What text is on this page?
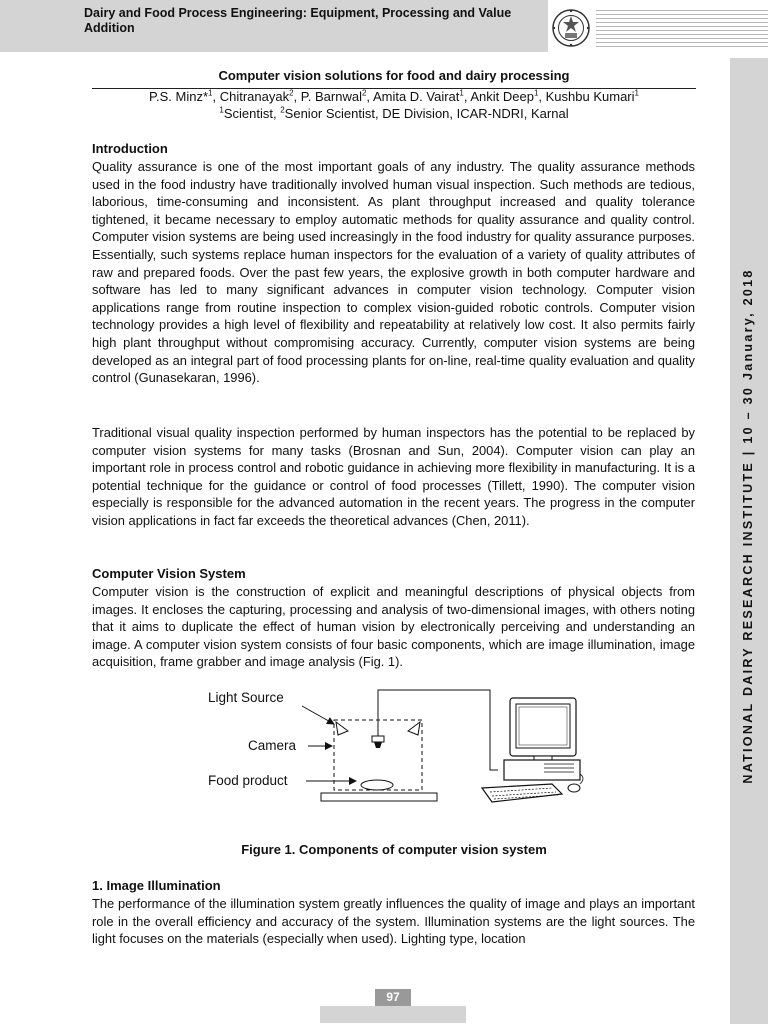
Dairy and Food Process Engineering: Equipment, Processing and Value Addition
NATIONAL DAIRY RESEARCH INSTITUTE | 10 – 30 January, 2018
Computer vision solutions for food and dairy processing
P.S. Minz*$^1$, Chitranayak$^2$, P. Barnwal$^2$, Amita D. Vairat$^1$, Ankit Deep$^1$, Kushbu Kumari$^1$
$^1$Scientist, $^2$Senior Scientist, DE Division, ICAR-NDRI, Karnal
Introduction

Quality assurance is one of the most important goals of any industry. The quality assurance methods used in the food industry have traditionally involved human visual inspection. Such methods are tedious, laborious, time-consuming and inconsistent. As plant throughput increased and quality tolerance tightened, it became necessary to employ automatic methods for quality assurance and quality control. Computer vision systems are being used increasingly in the food industry for quality assurance purposes. Essentially, such systems replace human inspectors for the evaluation of a variety of quality attributes of raw and prepared foods. Over the past few years, the explosive growth in both computer hardware and software has led to many significant advances in computer vision technology. Computer vision applications range from routine inspection to complex vision-guided robotic controls. Computer vision technology provides a high level of flexibility and repeatability at relatively low cost. It also permits fairly high plant throughput without compromising accuracy. Currently, computer vision systems are being developed as an integral part of food processing plants for on-line, real-time quality evaluation and quality control (Gunasekaran, 1996).

Traditional visual quality inspection performed by human inspectors has the potential to be replaced by computer vision systems for many tasks (Brosnan and Sun, 2004). Computer vision can play an important role in process control and robotic guidance in achieving more flexibility in manufacturing. It is a potential technique for the guidance or control of food processes (Tillett, 1990). The computer vision especially is responsible for the advanced automation in the recent years. The progress in the computer vision applications in fact far exceeds the theoretical advances (Chen, 2011).

Computer Vision System

Computer vision is the construction of explicit and meaningful descriptions of physical objects from images. It encloses the capturing, processing and analysis of two-dimensional images, with others noting that it aims to duplicate the effect of human vision by electronically perceiving and understanding an image. A computer vision system consists of four basic components, which are image illumination, image acquisition, frame grabber and image analysis (Fig. 1).

Light Source
Camera
Food product
Figure 1. Components of computer vision system
1. Image Illumination

The performance of the illumination system greatly influences the quality of image and plays an important role in the overall efficiency and accuracy of the system. Illumination systems are the light sources. The light focuses on the materials (especially when used). Lighting type, location

97
